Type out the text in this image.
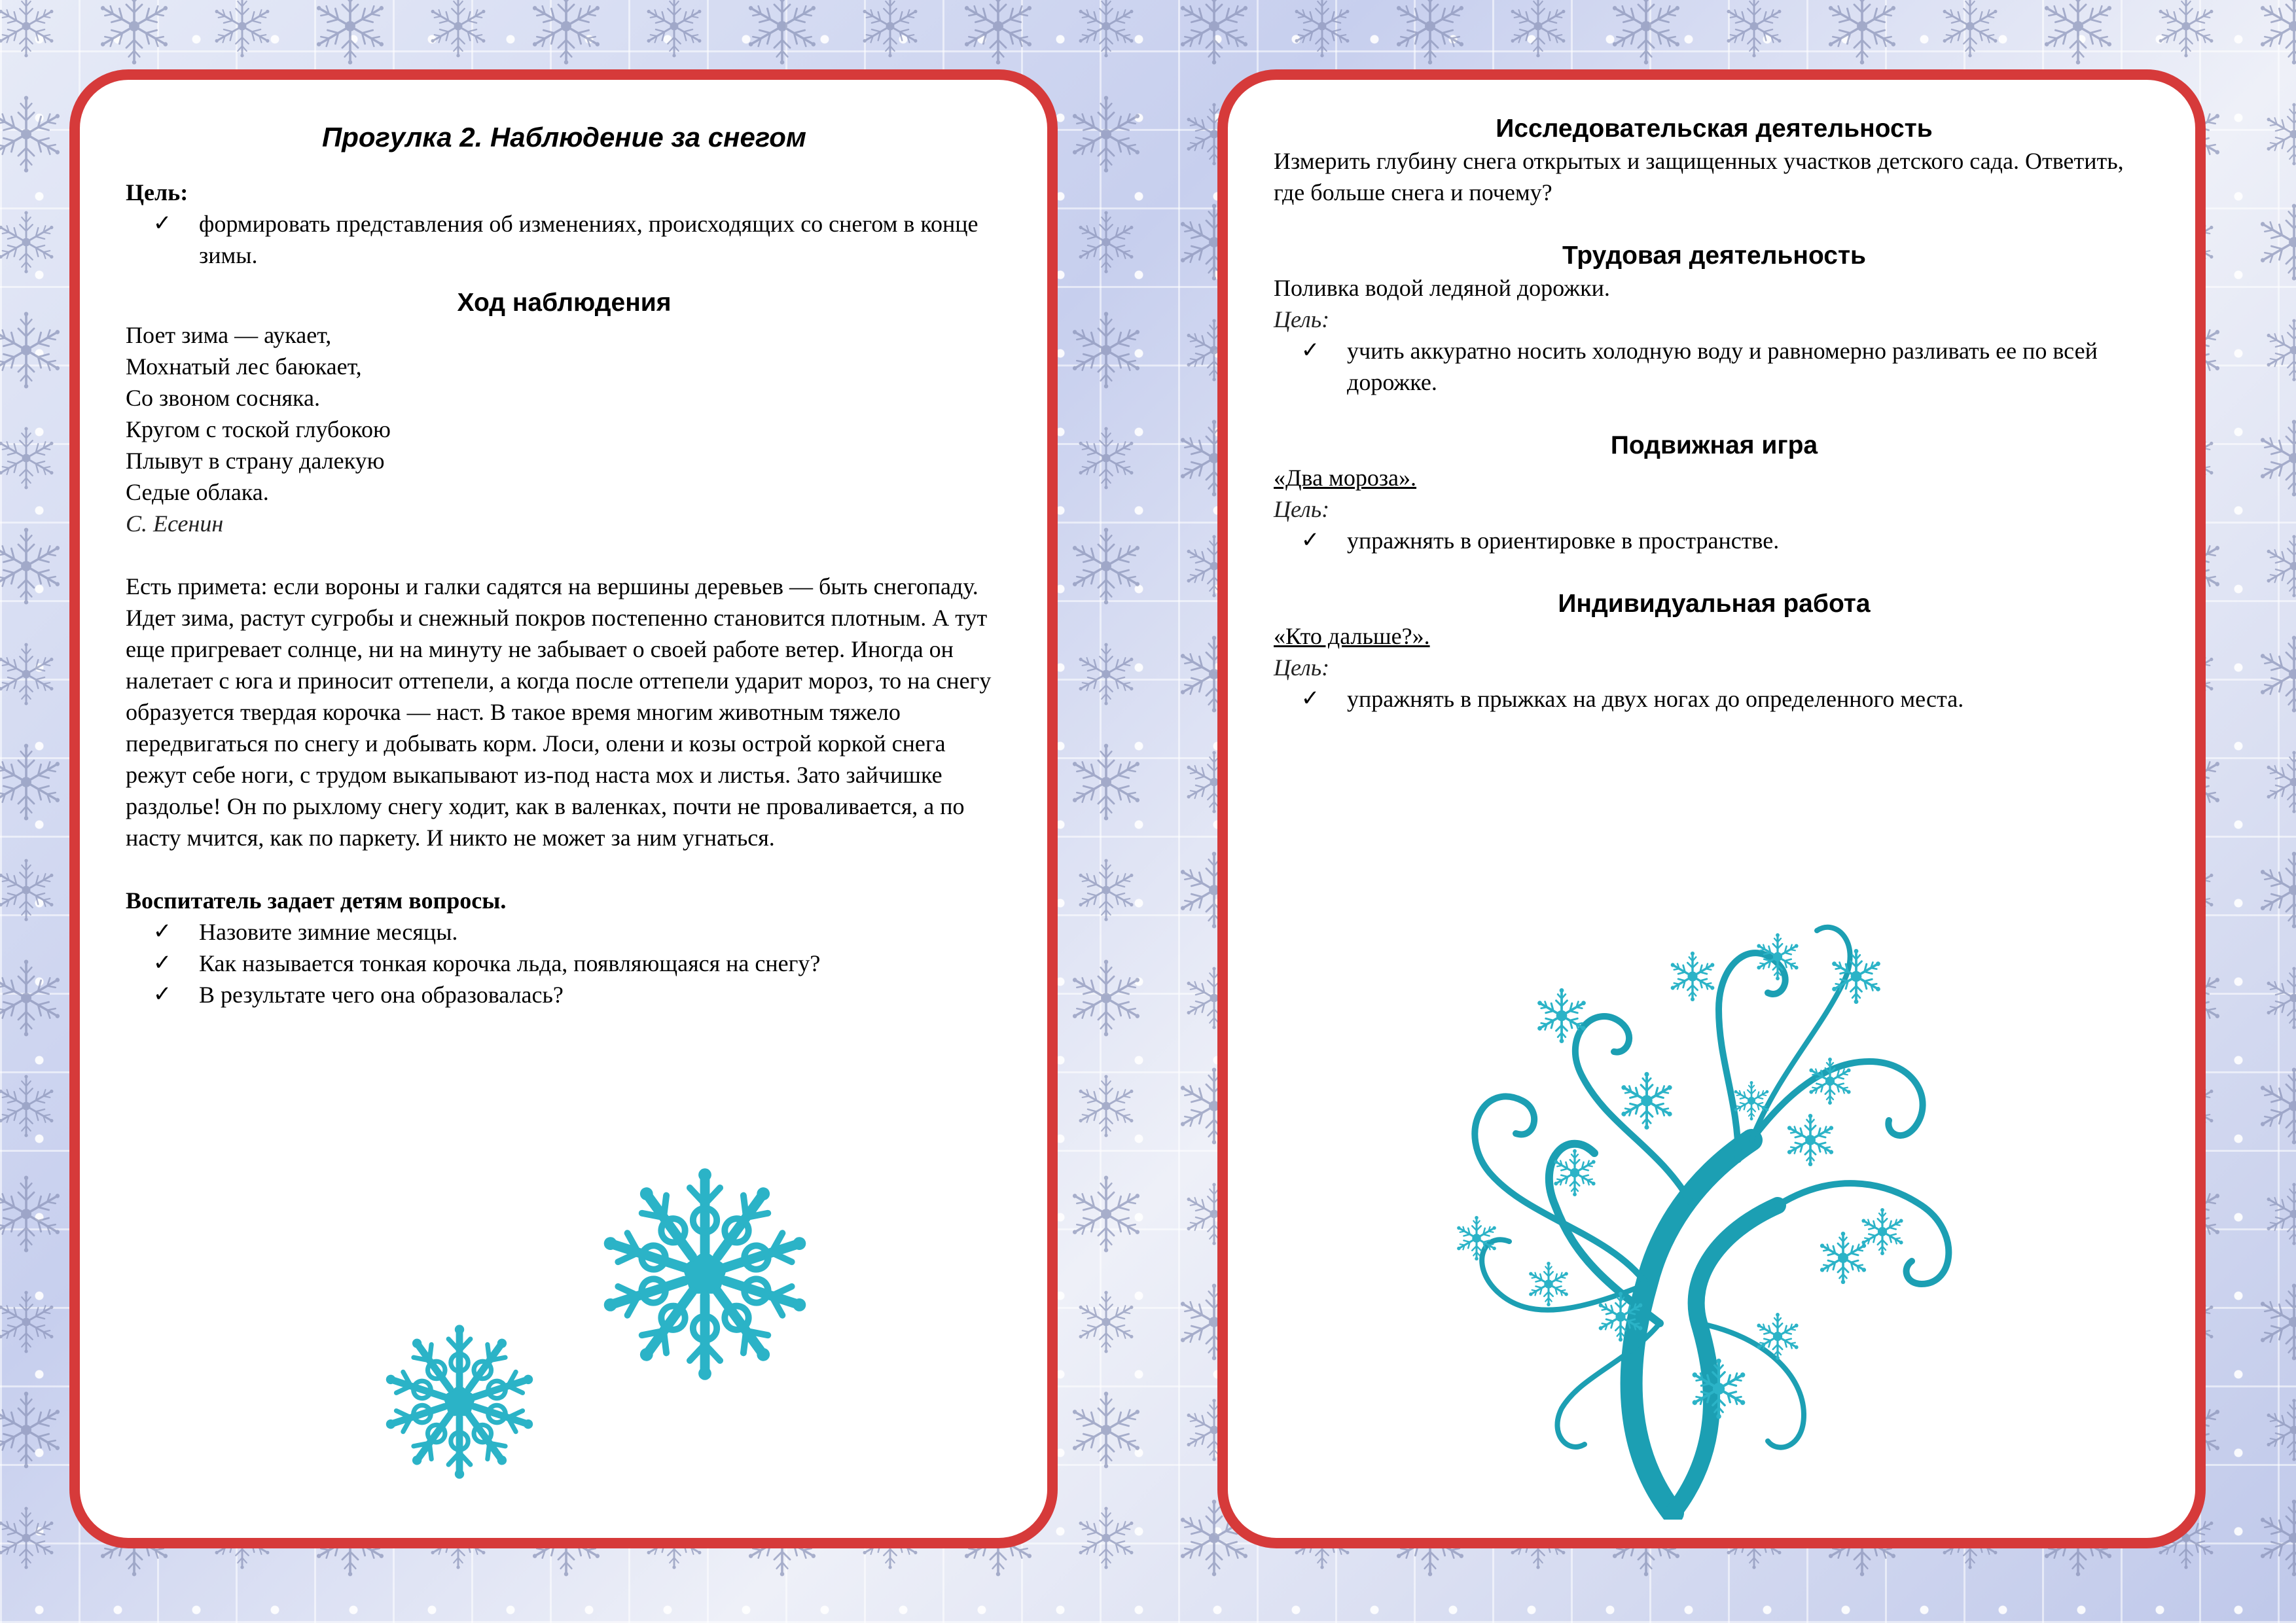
Прогулка 2. Наблюдение за снегом

Цель:

✓	формировать представления об изменениях, происходящих со снегом в конце зимы.

Ход наблюдения

Поет зима — аукает,

Мохнатый лес баюкает,

Со звоном сосняка.

Кругом с тоской глубокою

Плывут в страну далекую

Седые облака.

С. Есенин

Есть примета: если вороны и галки садятся на вершины деревьев — быть снегопаду.

Идет зима, растут сугробы и снежный покров постепенно становится плотным. А тут еще пригревает солнце, ни на минуту не забывает о своей работе ветер. Иногда он налетает с юга и приносит оттепели, а когда после оттепели ударит мороз, то на снегу образуется твердая корочка — наст. В такое время многим животным тяжело передвигаться по снегу и добывать корм. Лоси, олени и козы острой коркой снега режут себе ноги, с трудом выкапывают из-под наста мох и листья. Зато зайчишке раздолье! Он по рыхлому снегу ходит, как в валенках, почти не проваливается, а по насту мчится, как по паркету. И никто не может за ним угнаться.

Воспитатель задает детям вопросы.

✓	Назовите зимние месяцы.

✓	Как называется тонкая корочка льда, появляющаяся на снегу?

✓	В результате чего она образовалась?

Исследовательская деятельность

Измерить глубину снега открытых и защищенных участков детского сада. Ответить, где больше снега и почему?

Трудовая деятельность

Поливка водой ледяной дорожки.

Цель:

✓	учить аккуратно носить холодную воду и равномерно разливать ее по всей дорожке.

Подвижная игра

«Два мороза».

Цель:

✓	упражнять в ориентировке в пространстве.

Индивидуальная работа

«Кто дальше?».

Цель:

✓	упражнять в прыжках на двух ногах до определенного места.
